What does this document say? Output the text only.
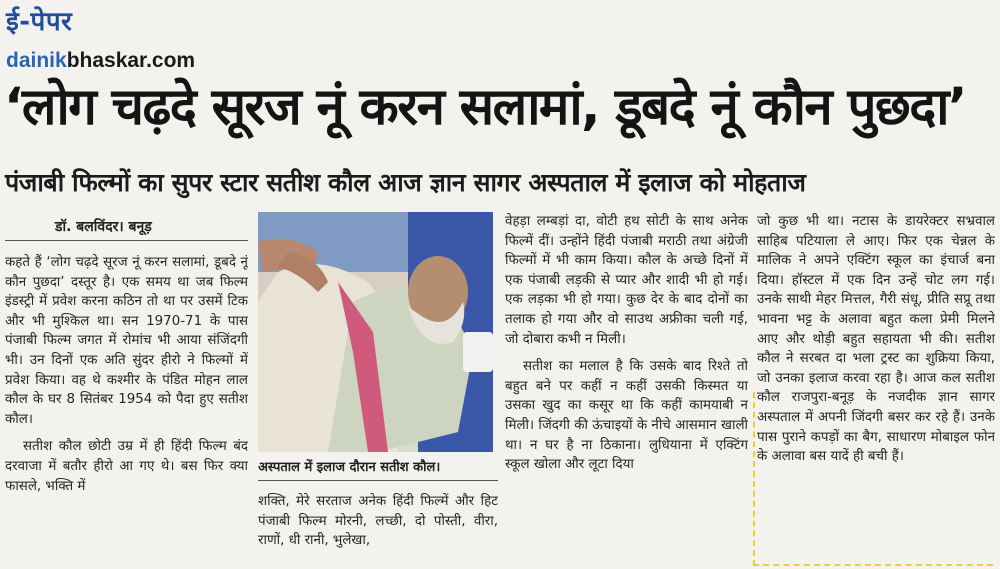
ई-पेपर
dainikbhaskar.com
‘लोग चढ़दे सूरज नूं करन सलामां, डूबदे नूं कौन पुछदा’
पंजाबी फिल्मों का सुपर स्टार सतीश कौल आज ज्ञान सागर अस्पताल में इलाज को मोहताज
डॉ. बलविंदर। बनूड़

कहते हैं ‘लोग चढ़दे सूरज नूं करन सलामां, डूबदे नूं कौन पुछदा’ दस्तूर है। एक समय था जब फिल्म इंडस्ट्री में प्रवेश करना कठिन तो था पर उसमें टिक और भी मुश्किल था। सन 1970-71 के पास पंजाबी फिल्म जगत में रोमांच भी आया संजिंदगी भी। उन दिनों एक अति सुंदर हीरो ने फिल्मों में प्रवेश किया। वह थे कश्मीर के पंडित मोहन लाल कौल के घर 8 सितंबर 1954 को पैदा हुए सतीश कौल।

सतीश कौल छोटी उम्र में ही हिंदी फिल्म बंद दरवाजा में बतौर हीरो आ गए थे। बस फिर क्या फासले, भक्ति में

अस्पताल में इलाज दौरान सतीश कौल।

शक्ति, मेरे सरताज अनेक हिंदी फिल्में और हिट पंजाबी फिल्म मोरनी, लच्छी, दो पोस्ती, वीरा, राणों, धी रानी, भुलेखा,

वेहड़ा लम्बड़ां दा, वोटी हथ सोटी के साथ अनेक फिल्में दीं। उन्होंने हिंदी पंजाबी मराठी तथा अंग्रेजी फिल्मों में भी काम किया। कौल के अच्छे दिनों में एक पंजाबी लड़की से प्यार और शादी भी हो गई। एक लड़का भी हो गया। कुछ देर के बाद दोनों का तलाक हो गया और वो साउथ अफ्रीका चली गई, जो दोबारा कभी न मिली।

सतीश का मलाल है कि उसके बाद रिश्ते तो बहुत बने पर कहीं न कहीं उसकी किस्मत या उसका खुद का कसूर था कि कहीं कामयाबी न मिली। जिंदगी की ऊंचाइयों के नीचे आसमान खाली था। न घर है ना ठिकाना। लुधियाना में एक्टिंग स्कूल खोला और लूटा दिया

जो कुछ भी था। नटास के डायरेक्टर सभ्रवाल साहिब पटियाला ले आए। फिर एक चेन्नल के मालिक ने अपने एक्टिंग स्कूल का इंचार्ज बना दिया। हॉस्टल में एक दिन उन्हें चोट लग गई। उनके साथी मेहर मित्तल, गैरी संधू, प्रीति सप्रू तथा भावना भट्ट के अलावा बहुत कला प्रेमी मिलने आए और थोड़ी बहुत सहायता भी की। सतीश कौल ने सरबत दा भला ट्रस्ट का शुक्रिया किया, जो उनका इलाज करवा रहा है। आज कल सतीश कौल राजपुरा-बनूड़ के नजदीक ज्ञान सागर अस्पताल में अपनी जिंदगी बसर कर रहे हैं। उनके पास पुराने कपड़ों का बैग, साधारण मोबाइल फोन के अलावा बस यादें ही बची हैं।
